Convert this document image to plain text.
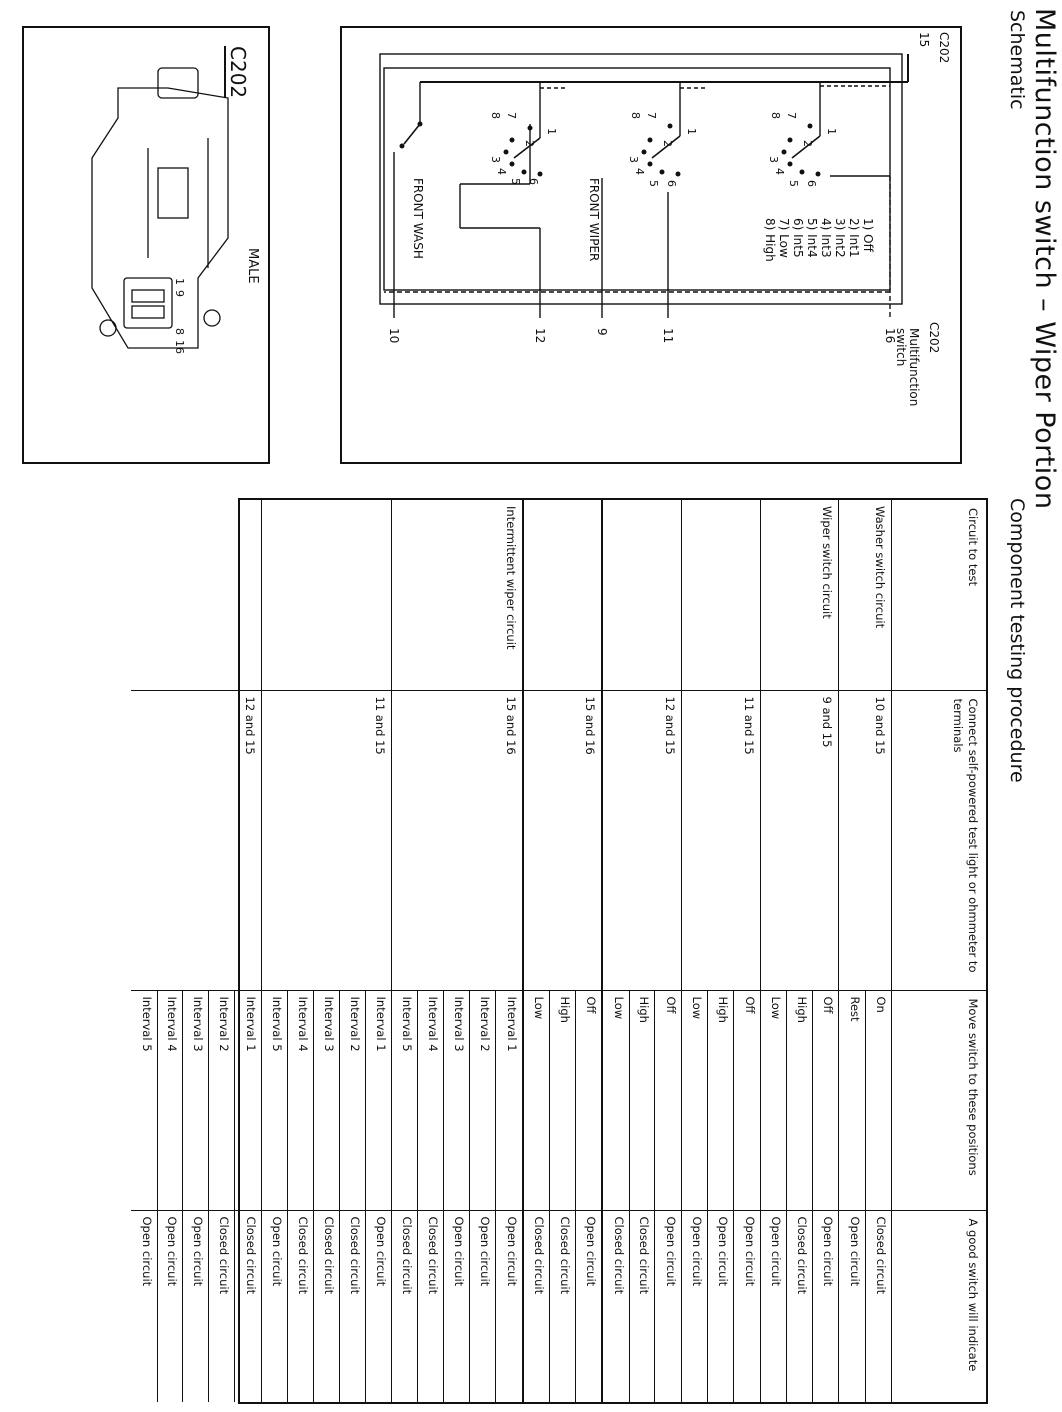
Multifunction switch – Wiper Portion
Schematic
Component testing procedure
1
2
3
4
5 6
7
8
1
2
3
4
5 6
7
8
1
2
3
4
5 6
7
8
15 C202
C202
FRONT WIPER
FRONT WASH	1) Off
2) Int1
3) Int2
4) Int3
5) Int4
6) Int5
7) Low
8) High
16
11
9
12
10	Multifunction switch
1
9
8
16
C202
MALE
Circuit to test	Connect self-powered test light or ohmmeter to terminals	Move switch to these positions	A good switch will indicate
Washer switch circuit	10 and 15	On	Closed circuit
		Rest	Open circuit
Wiper switch circuit	9 and 15	Off	Open circuit
		High	Closed circuit
		Low	Open circuit
	11 and 15	Off	Open circuit
		High	Open circuit
		Low	Open circuit
	12 and 15	Off	Open circuit
		High	Closed circuit
		Low	Closed circuit
	15 and 16	Off	Open circuit
		High	Closed circuit
		Low	Closed circuit
Intermittent wiper circuit	15 and 16	Interval 1	Open circuit
		Interval 2	Open circuit
		Interval 3	Open circuit
		Interval 4	Closed circuit
		Interval 5	Closed circuit
	11 and 15	Interval 1	Open circuit
		Interval 2	Closed circuit
		Interval 3	Closed circuit
		Interval 4	Closed circuit
		Interval 5	Open circuit
	12 and 15	Interval 1	Closed circuit
		Interval 2	Closed circuit
		Interval 3	Open circuit
		Interval 4	Open circuit
		Interval 5	Open circuit
